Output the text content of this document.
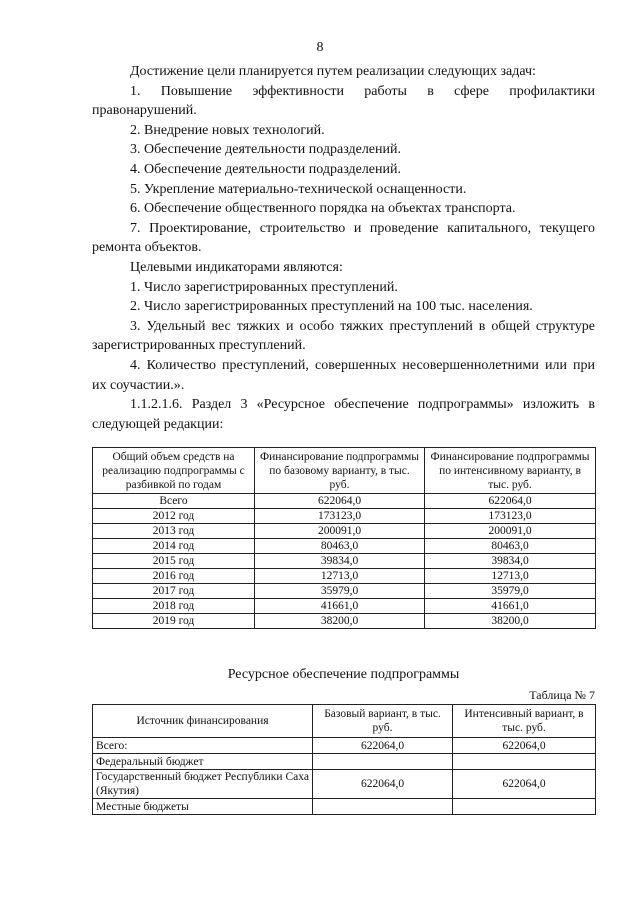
8

Достижение цели планируется путем реализации следующих задач:

1. Повышение эффективности работы в сфере профилактики правонарушений.

2. Внедрение новых технологий.

3. Обеспечение деятельности подразделений.

4. Обеспечение деятельности подразделений.

5. Укрепление материально-технической оснащенности.

6. Обеспечение общественного порядка на объектах транспорта.

7. Проектирование, строительство и проведение капитального, текущего ремонта объектов.

Целевыми индикаторами являются:

1. Число зарегистрированных преступлений.

2. Число зарегистрированных преступлений на 100 тыс. населения.

3. Удельный вес тяжких и особо тяжких преступлений в общей структуре зарегистрированных преступлений.

4. Количество преступлений, совершенных несовершеннолетними или при их соучастии.».

1.1.2.1.6. Раздел 3 «Ресурсное обеспечение подпрограммы» изложить в следующей редакции:

Общий объем средств на реализацию подпрограммы с разбивкой по годам	Финансирование подпрограммы по базовому варианту, в тыс. руб.	Финансирование подпрограммы по интенсивному варианту, в тыс. руб.
Всего	622064,0	622064,0
2012 год	173123,0	173123,0
2013 год	200091,0	200091,0
2014 год	80463,0	80463,0
2015 год	39834,0	39834,0
2016 год	12713,0	12713,0
2017 год	35979,0	35979,0
2018 год	41661,0	41661,0
2019 год	38200,0	38200,0
Ресурсное обеспечение подпрограммы
Таблица № 7
Источник финансирования	Базовый вариант, в тыс. руб.	Интенсивный вариант, в тыс. руб.
Всего:	622064,0	622064,0
Федеральный бюджет		
Государственный бюджет Республики Саха (Якутия)	622064,0	622064,0
Местные бюджеты		
